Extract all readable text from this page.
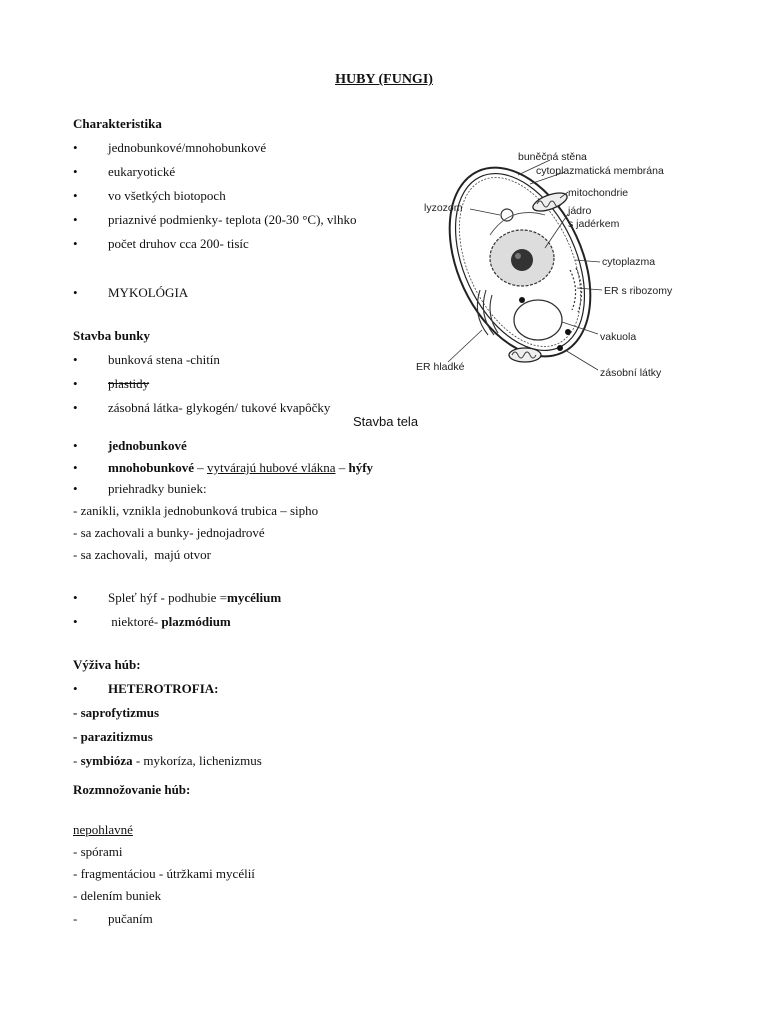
HUBY (FUNGI)
Charakteristika
• jednobunkové/mnohobunkové
• eukaryotické
• vo všetkých biotopoch
• priaznivé podmienky- teplota (20-30 °C), vlhko
• počet druhov cca 200- tisíc
• MYKOLÓGIA
Stavba bunky
• bunková stena -chitín
• plastidy
• zásobná látka- glykogén/ tukové kvapôčky
Stavba tela
• jednobunkové
• mnohobunkové – vytvárajú hubové vlákna – hýfy
• priehradky buniek:
- zanikli, vznikla jednobunková trubica – sipho
- sa zachovali a bunky- jednojadrové
- sa zachovali,  majú otvor
• Spleť hýf - podhubie =mycélium
• niektoré- plazmódium
Výživa húb:
• HETEROTROFIA:
- saprofytizmus
- parazitizmus
- symbióza - mykoríza, lichenizmus
Rozmnožovanie húb:
nepohlavné
- spórami
- fragmentáciou - útržkami mycélií
- delením buniek
- pučaním
buněčná stěna
cytoplazmatická membrána
mitochondrie
lyzozom	jádro
s jadérkem
cytoplazma
ER s ribozomy
vakuola
ER hladké	zásobní látky
